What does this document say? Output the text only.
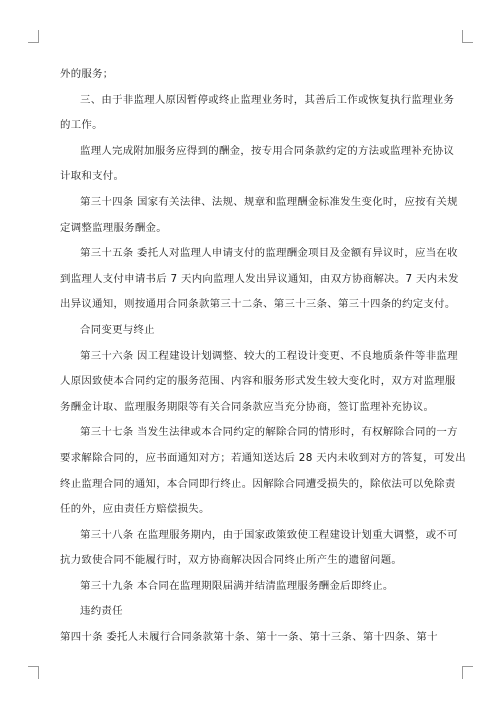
外的服务；
三、由于非监理人原因暂停或终止监理业务时，其善后工作或恢复执行监理业务
的工作。
监理人完成附加服务应得到的酬金，按专用合同条款约定的方法或监理补充协议
计取和支付。
第三十四条 国家有关法律、法规、规章和监理酬金标准发生变化时，应按有关规
定调整监理服务酬金。
第三十五条 委托人对监理人申请支付的监理酬金项目及金额有异议时，应当在收
到监理人支付申请书后 7 天内向监理人发出异议通知，由双方协商解决。7 天内未发
出异议通知，则按通用合同条款第三十二条、第三十三条、第三十四条的约定支付。
合同变更与终止
第三十六条 因工程建设计划调整、较大的工程设计变更、不良地质条件等非监理
人原因致使本合同约定的服务范围、内容和服务形式发生较大变化时，双方对监理服
务酬金计取、监理服务期限等有关合同条款应当充分协商，签订监理补充协议。
第三十七条 当发生法律或本合同约定的解除合同的情形时，有权解除合同的一方
要求解除合同的，应书面通知对方；若通知送达后 28 天内未收到对方的答复，可发出
终止监理合同的通知，本合同即行终止。因解除合同遭受损失的，除依法可以免除责
任的外，应由责任方赔偿损失。
第三十八条 在监理服务期内，由于国家政策致使工程建设计划重大调整，或不可
抗力致使合同不能履行时，双方协商解决因合同终止所产生的遗留问题。
第三十九条 本合同在监理期限届满并结清监理服务酬金后即终止。
违约责任
第四十条 委托人未履行合同条款第十条、第十一条、第十三条、第十四条、第十
